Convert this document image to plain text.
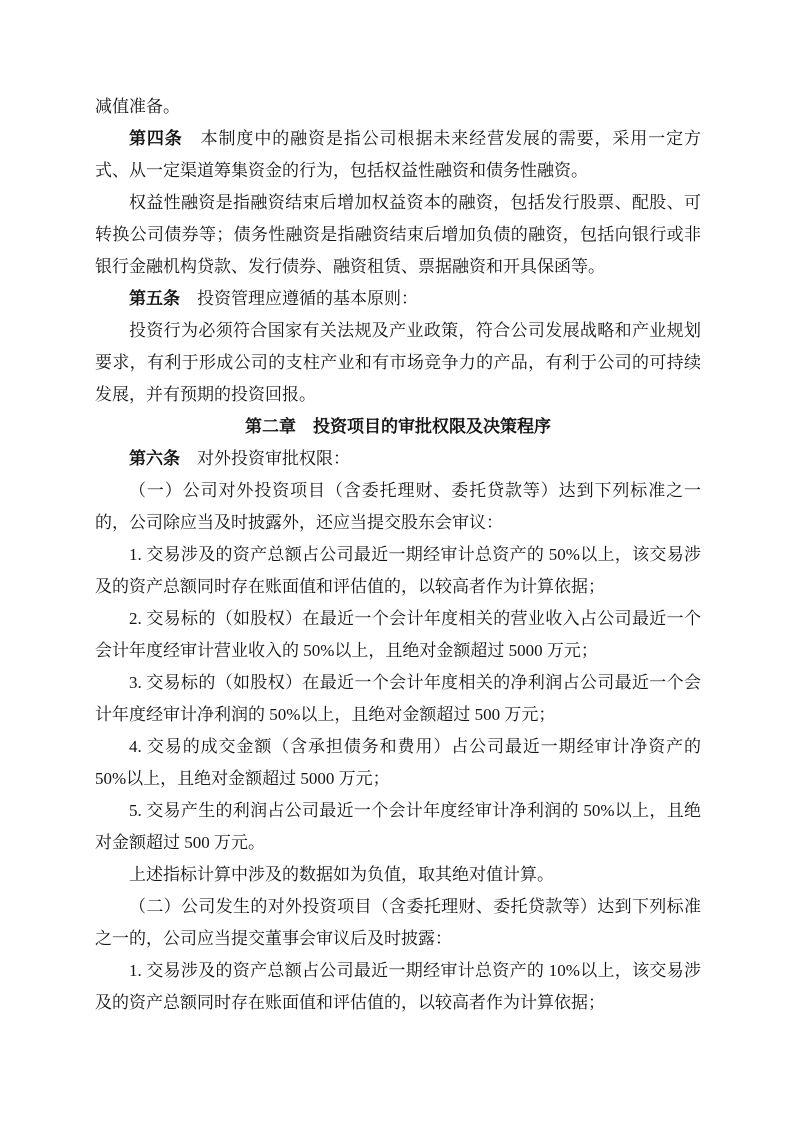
减值准备。

第四条　本制度中的融资是指公司根据未来经营发展的需要，采用一定方式、从一定渠道筹集资金的行为，包括权益性融资和债务性融资。

权益性融资是指融资结束后增加权益资本的融资，包括发行股票、配股、可转换公司债券等；债务性融资是指融资结束后增加负债的融资，包括向银行或非银行金融机构贷款、发行债券、融资租赁、票据融资和开具保函等。

第五条　投资管理应遵循的基本原则：

投资行为必须符合国家有关法规及产业政策，符合公司发展战略和产业规划要求，有利于形成公司的支柱产业和有市场竞争力的产品，有利于公司的可持续发展，并有预期的投资回报。

第二章　投资项目的审批权限及决策程序

第六条　对外投资审批权限：

（一）公司对外投资项目（含委托理财、委托贷款等）达到下列标准之一的，公司除应当及时披露外，还应当提交股东会审议：

1. 交易涉及的资产总额占公司最近一期经审计总资产的 50%以上，该交易涉及的资产总额同时存在账面值和评估值的，以较高者作为计算依据；

2. 交易标的（如股权）在最近一个会计年度相关的营业收入占公司最近一个会计年度经审计营业收入的 50%以上，且绝对金额超过 5000 万元；

3. 交易标的（如股权）在最近一个会计年度相关的净利润占公司最近一个会计年度经审计净利润的 50%以上，且绝对金额超过 500 万元；

4. 交易的成交金额（含承担债务和费用）占公司最近一期经审计净资产的 50%以上，且绝对金额超过 5000 万元；

5. 交易产生的利润占公司最近一个会计年度经审计净利润的 50%以上，且绝对金额超过 500 万元。

上述指标计算中涉及的数据如为负值，取其绝对值计算。

（二）公司发生的对外投资项目（含委托理财、委托贷款等）达到下列标准之一的，公司应当提交董事会审议后及时披露：

1. 交易涉及的资产总额占公司最近一期经审计总资产的 10%以上，该交易涉及的资产总额同时存在账面值和评估值的，以较高者作为计算依据；
